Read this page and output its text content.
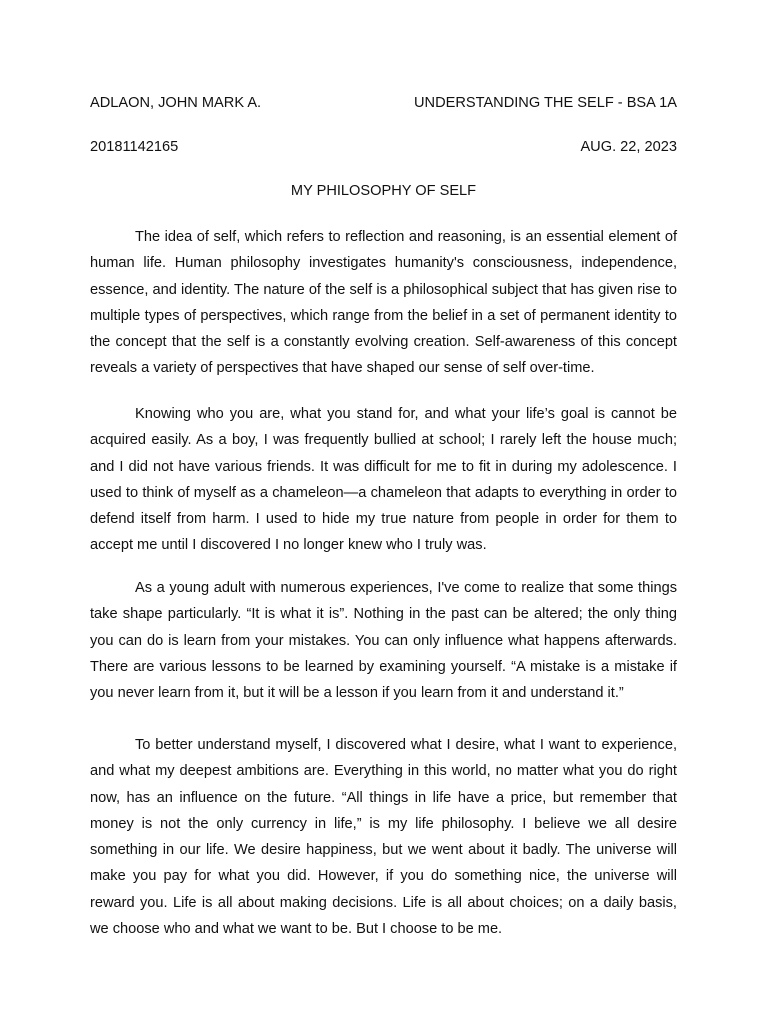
ADLAON, JOHN MARK A.	UNDERSTANDING THE SELF - BSA 1A
20181142165	AUG. 22, 2023
MY PHILOSOPHY OF SELF

The idea of self, which refers to reflection and reasoning, is an essential element of human life. Human philosophy investigates humanity's consciousness, independence, essence, and identity. The nature of the self is a philosophical subject that has given rise to multiple types of perspectives, which range from the belief in a set of permanent identity to the concept that the self is a constantly evolving creation. Self-awareness of this concept reveals a variety of perspectives that have shaped our sense of self over-time.

Knowing who you are, what you stand for, and what your life’s goal is cannot be acquired easily. As a boy, I was frequently bullied at school; I rarely left the house much; and I did not have various friends. It was difficult for me to fit in during my adolescence. I used to think of myself as a chameleon—a chameleon that adapts to everything in order to defend itself from harm. I used to hide my true nature from people in order for them to accept me until I discovered I no longer knew who I truly was.

As a young adult with numerous experiences, I've come to realize that some things take shape particularly. “It is what it is”. Nothing in the past can be altered; the only thing you can do is learn from your mistakes. You can only influence what happens afterwards. There are various lessons to be learned by examining yourself. “A mistake is a mistake if you never learn from it, but it will be a lesson if you learn from it and understand it.”

To better understand myself, I discovered what I desire, what I want to experience, and what my deepest ambitions are. Everything in this world, no matter what you do right now, has an influence on the future. “All things in life have a price, but remember that money is not the only currency in life,” is my life philosophy. I believe we all desire something in our life. We desire happiness, but we went about it badly. The universe will make you pay for what you did. However, if you do something nice, the universe will reward you. Life is all about making decisions. Life is all about choices; on a daily basis, we choose who and what we want to be. But I choose to be me.
